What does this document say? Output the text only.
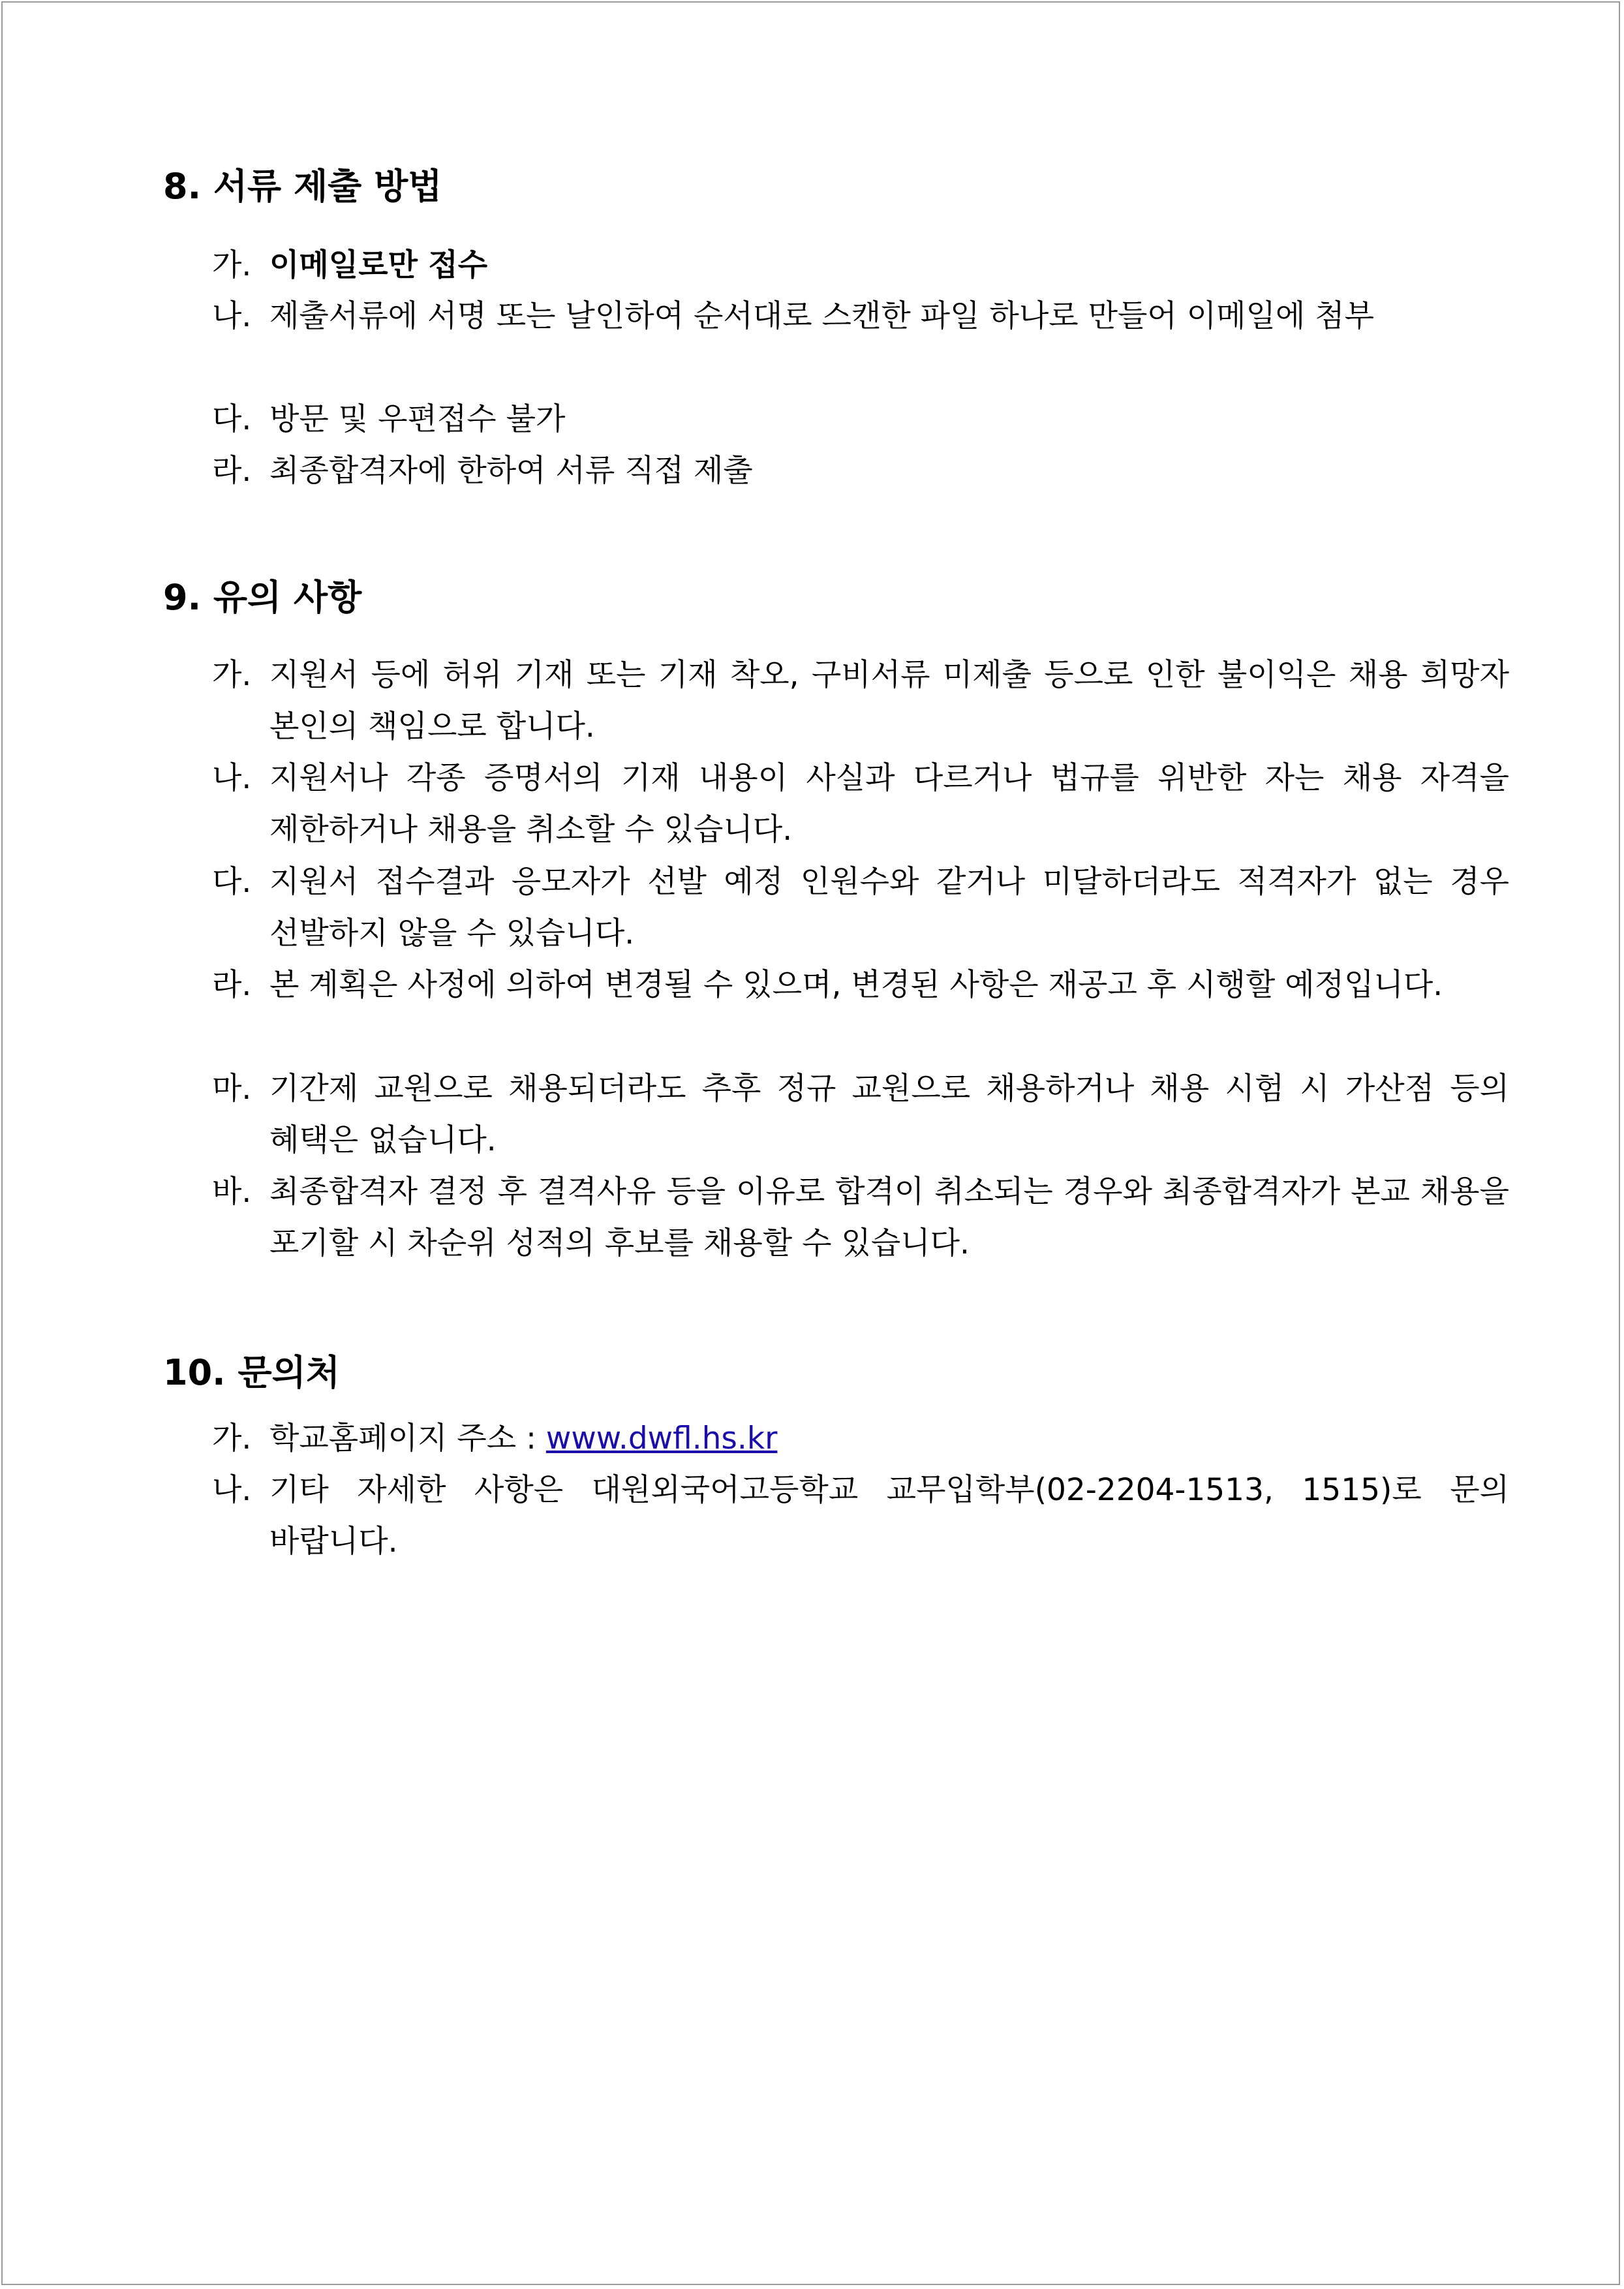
8. 서류 제출 방법
가. 이메일로만 접수
나. 제출서류에 서명 또는 날인하여 순서대로 스캔한 파일 하나로 만들어 이메일에 첨부
다. 방문 및 우편접수 불가
라. 최종합격자에 한하여 서류 직접 제출
9. 유의 사항
가. 지원서 등에 허위 기재 또는 기재 착오, 구비서류 미제출 등으로 인한 불이익은 채용 희망자 본인의 책임으로 합니다.
나. 지원서나 각종 증명서의 기재 내용이 사실과 다르거나 법규를 위반한 자는 채용 자격을 제한하거나 채용을 취소할 수 있습니다.
다. 지원서 접수결과 응모자가 선발 예정 인원수와 같거나 미달하더라도 적격자가 없는 경우 선발하지 않을 수 있습니다.
라. 본 계획은 사정에 의하여 변경될 수 있으며, 변경된 사항은 재공고 후 시행할 예정입니다.
마. 기간제 교원으로 채용되더라도 추후 정규 교원으로 채용하거나 채용 시험 시 가산점 등의 혜택은 없습니다.
바. 최종합격자 결정 후 결격사유 등을 이유로 합격이 취소되는 경우와 최종합격자가 본교 채용을 포기할 시 차순위 성적의 후보를 채용할 수 있습니다.
10. 문의처
가. 학교홈페이지 주소 : www.dwfl.hs.kr
나. 기타 자세한 사항은 대원외국어고등학교 교무입학부(02-2204-1513, 1515)로 문의 바랍니다.
